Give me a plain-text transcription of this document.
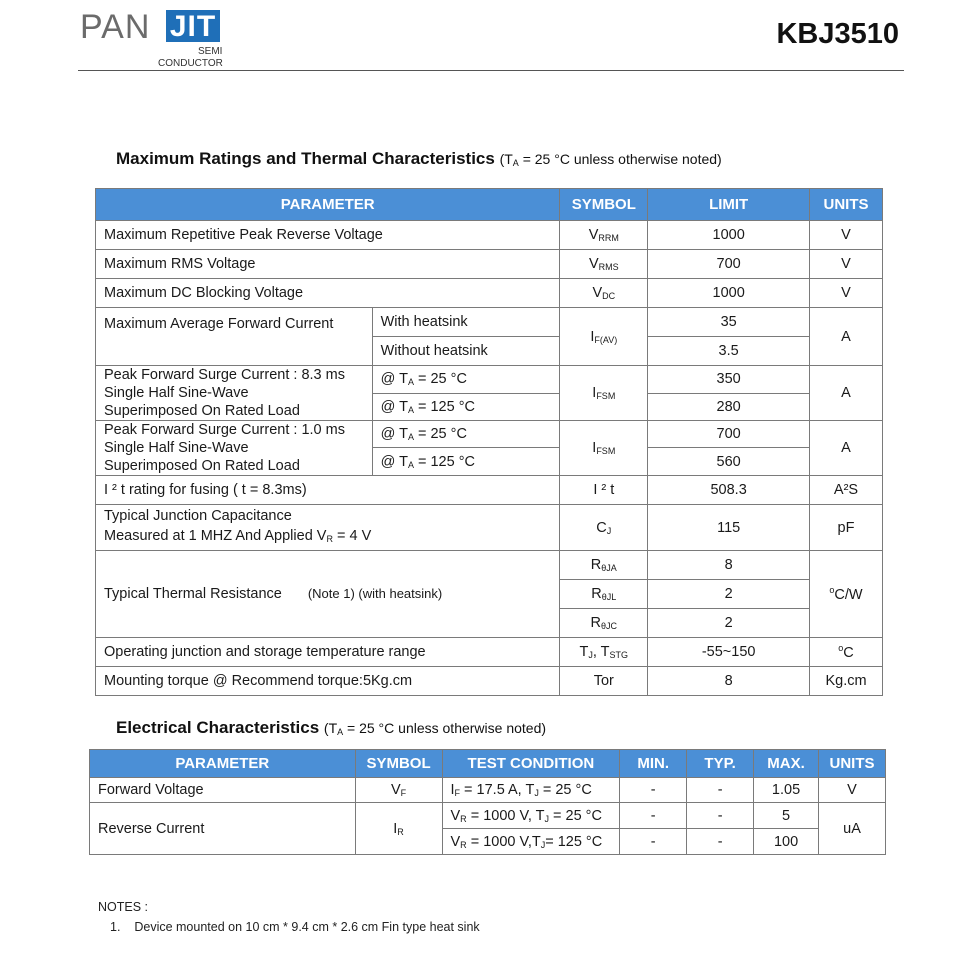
PAN JIT
SEMI
CONDUCTOR
KBJ3510
Maximum Ratings and Thermal Characteristics ($T_A = 25$ °C unless otherwise noted)
PARAMETER		SYMBOL	LIMIT	UNITS
Maximum Repetitive Peak Reverse Voltage		$V_{RRM}$	1000	V
Maximum RMS Voltage		$V_{RMS}$	700	V
Maximum DC Blocking Voltage		$V_{DC}$	1000	V
Maximum Average Forward Current	With heatsink	$I_{F(AV)}$	35	A
	Without heatsink		3.5	

Peak Forward Surge Current : 8.3 ms
Single Half Sine-Wave
Superimposed On Rated Load	@ $T_A = 25$ °C	$I_{FSM}$	350	A
	@ $T_A = 125$ °C		280	

Peak Forward Surge Current : 1.0 ms
Single Half Sine-Wave
Superimposed On Rated Load	@ $T_A = 25$ °C	$I_{FSM}$	700	A
	@ $T_A = 125$ °C		560	
I ² t rating for fusing ( t = 8.3ms)		I ² t	508.3	A²S

Typical Junction Capacitance
Measured at 1 MHZ And Applied $V_R = 4$ V		$C_J$	115	pF
Typical Thermal Resistance (Note 1) (with heatsink)		$R_{\theta JA}$	8	$^o$C/W
		$R_{\theta JL}$	2	
		$R_{\theta JC}$	2	
Operating junction and storage temperature range		$T_J$, $T_{STG}$	-55~150	$^o$C
Mounting torque @ Recommend torque:5Kg.cm		Tor	8	Kg.cm
Electrical Characteristics ($T_A = 25$ °C unless otherwise noted)
PARAMETER	SYMBOL	TEST CONDITION	MIN.	TYP.	MAX.	UNITS
Forward Voltage	$V_F$	$I_F = 17.5$ A, $T_J = 25$ °C	-	-	1.05	V
Reverse Current	$I_R$	$V_R = 1000$ V, $T_J = 25$ °C	-	-	5	uA
		$V_R = 1000$ $V,T_J= 125$ °C	-	-	100	
NOTES :
1. Device mounted on 10 cm * 9.4 cm * 2.6 cm Fin type heat sink
